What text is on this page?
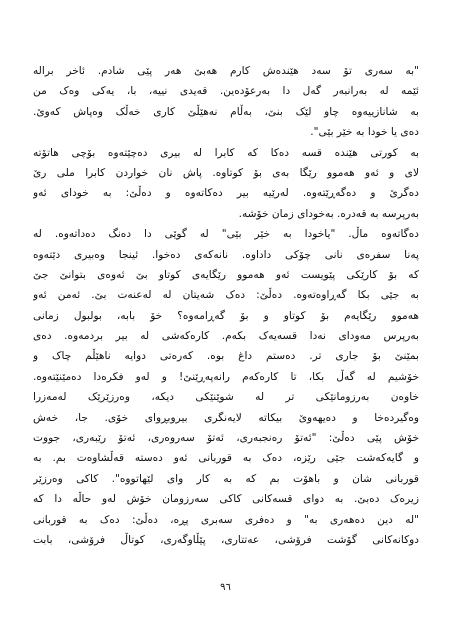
"بە سەری تۆ سەد هێندەش کارم هەبێ هەر پێی شادم. ئاخر برالە
ئێمە لە بەرانبەر گەل دا بەرعۆدەین. قەیدی نییە، با، یەکی وەک من
بە شانازییەوە چاو لێک بنێ، بەڵام نەهێڵێ کاری خەڵک وەپاش کەوێ.
دەی یا خودا بە خێر بێی".
بە کورتی هێندە قسە دەکا کە کابرا لە بیری دەچێتەوە بۆچی هاتۆتە
لای و ئەو هەموو رێگا بەی بۆ کوتاوە. پاش نان خواردن کابرا ملی رێ
دەگرێ و دەگەڕێتەوە. لەرێیە بیر دەکاتەوە و دەڵێ: بە خودای ئەو
بەرپرسە بە قەدرە. بەخودای زمان خۆشە.
دەگاتەوە ماڵ. "یاخودا بە خێر بێی" لە گوێی دا دەنگ دەداتەوە. لە
پەنا سفرەی نانی چۆکی داداوە. نانەکەی دەخوا. ئینجا وەبیری دێتەوە
کە بۆ کارێکی پێویست ئەو هەموو رێگایەی کوتاو بێ ئەوەی بتوانێ جێ
بە جێی بکا گەڕاوەتەوە. دەڵێ: دەک شەیتان لە لەعنەت بێ. ئەمن ئەو
هەموو رێگایەم بۆ کوتاو و بۆ گەڕامەوە؟ خۆ بابە، بولبول زمانی
بەرپرس مەودای نەدا قسەیەک بکەم. کارەکەشی لە بیر بردمەوە. دەی
بمێنێ بۆ جاری تر. دەستم داغ بوە. کەرەتی دوایە ناهێڵم چاک و
خۆشیم لە گەڵ بکا، تا کارەکەم رانەپەڕێنێ! و لەو فکرەدا دەمێنێتەوە.
خاوەن بەرزومانێکی تر لە شوێنێکی دیکە، وەرزێرێک لەمەزرا
وەگیردەخا و دەیهەوێ بیکاتە لایەنگری بیروبڕوای خۆی. جا، خەش
خۆش پێی دەڵێ: "ئەتۆ رەنجبەری، ئەتۆ سەروەری، ئەتۆ رێبەری، جووت
و گایەکەشت جێی رێزە، دەک بە قوربانی ئەو دەستە قەڵشاوەت بم. بە
قوربانی شان و باهۆت بم کە بە کار وای لێهاتووە". کاکی وەرزێر
زیرەک دەبێ. بە دوای قسەکانی کاکی سەرزومان خۆش لەو حاڵە دا کە
"لە دین دەهەری بە" و دەفری سەبری پڕە، دەڵێ: دەک بە قوربانی
دوکانەکانی گۆشت فرۆشی، عەتتاری، پێڵاوگەری، کوتاڵ فرۆشی، بابت
٩٦
